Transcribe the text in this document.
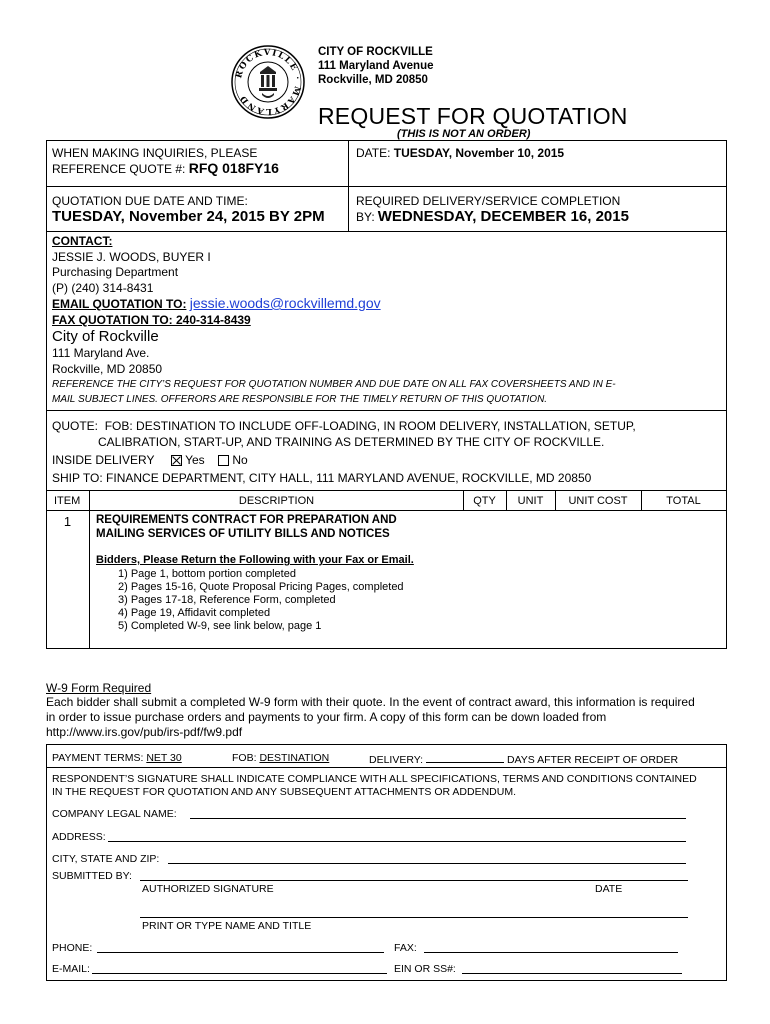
ROCKVILLE · MARYLAND
CITY OF ROCKVILLE
111 Maryland Avenue
Rockville, MD 20850
REQUEST FOR QUOTATION
(THIS IS NOT AN ORDER)
WHEN MAKING INQUIRIES, PLEASE
REFERENCE QUOTE #: RFQ 018FY16
DATE: TUESDAY, November 10, 2015
QUOTATION DUE DATE AND TIME:
TUESDAY, November 24, 2015 BY 2PM
REQUIRED DELIVERY/SERVICE COMPLETION
BY: WEDNESDAY, DECEMBER 16, 2015
CONTACT:
JESSIE J. WOODS, BUYER I
Purchasing Department
(P) (240) 314-8431
EMAIL QUOTATION TO: jessie.woods@rockvillemd.gov
FAX QUOTATION TO: 240-314-8439
City of Rockville
111 Maryland Ave.
Rockville, MD 20850
REFERENCE THE CITY’S REQUEST FOR QUOTATION NUMBER AND DUE DATE ON ALL FAX COVERSHEETS AND IN E-
MAIL SUBJECT LINES. OFFERORS ARE RESPONSIBLE FOR THE TIMELY RETURN OF THIS QUOTATION.
QUOTE: FOB: DESTINATION TO INCLUDE OFF-LOADING, IN ROOM DELIVERY, INSTALLATION, SETUP,
CALIBRATION, START-UP, AND TRAINING AS DETERMINED BY THE CITY OF ROCKVILLE.
INSIDE DELIVERY	Yes No
SHIP TO: FINANCE DEPARTMENT, CITY HALL, 111 MARYLAND AVENUE, ROCKVILLE, MD 20850
ITEM	DESCRIPTION	QTY	UNIT	UNIT COST	TOTAL
1	REQUIREMENTS CONTRACT FOR PREPARATION AND
MAILING SERVICES OF UTILITY BILLS AND NOTICES
Bidders, Please Return the Following with your Fax or Email.
1) Page 1, bottom portion completed
2) Pages 15-16, Quote Proposal Pricing Pages, completed
3) Pages 17-18, Reference Form, completed
4) Page 19, Affidavit completed
5) Completed W-9, see link below, page 1
W-9 Form Required
Each bidder shall submit a completed W-9 form with their quote. In the event of contract award, this information is required
in order to issue purchase orders and payments to your firm. A copy of this form can be down loaded from
http://www.irs.gov/pub/irs-pdf/fw9.pdf
PAYMENT TERMS: NET 30	FOB: DESTINATION	DELIVERY:	DAYS AFTER RECEIPT OF ORDER
RESPONDENT’S SIGNATURE SHALL INDICATE COMPLIANCE WITH ALL SPECIFICATIONS, TERMS AND CONDITIONS CONTAINED
IN THE REQUEST FOR QUOTATION AND ANY SUBSEQUENT ATTACHMENTS OR ADDENDUM.
COMPANY LEGAL NAME:
ADDRESS:
CITY, STATE AND ZIP:
SUBMITTED BY:
AUTHORIZED SIGNATURE	DATE
PRINT OR TYPE NAME AND TITLE
PHONE:	FAX:
E-MAIL:	EIN OR SS#:
